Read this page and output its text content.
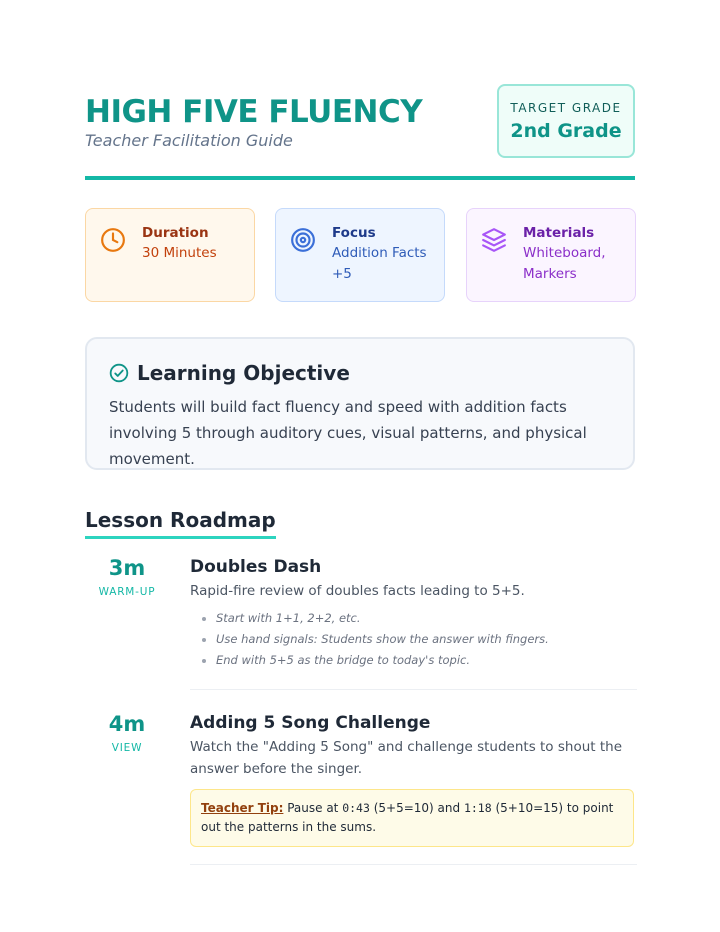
HIGH FIVE FLUENCY
Teacher Facilitation Guide
TARGET GRADE
2nd Grade
Duration
30 Minutes
Focus
Addition Facts +5
Materials
Whiteboard, Markers
Learning Objective
Students will build fact fluency and speed with addition facts involving 5 through auditory cues, visual patterns, and physical movement.
Lesson Roadmap
3m
WARM-UP
Doubles Dash
Rapid-fire review of doubles facts leading to 5+5.
• Start with 1+1, 2+2, etc.
• Use hand signals: Students show the answer with fingers.
• End with 5+5 as the bridge to today's topic.
4m
VIEW
Adding 5 Song Challenge
Watch the "Adding 5 Song" and challenge students to shout the answer before the singer.
Teacher Tip: Pause at 0:43 (5+5=10) and 1:18 (5+10=15) to point out the patterns in the sums.
